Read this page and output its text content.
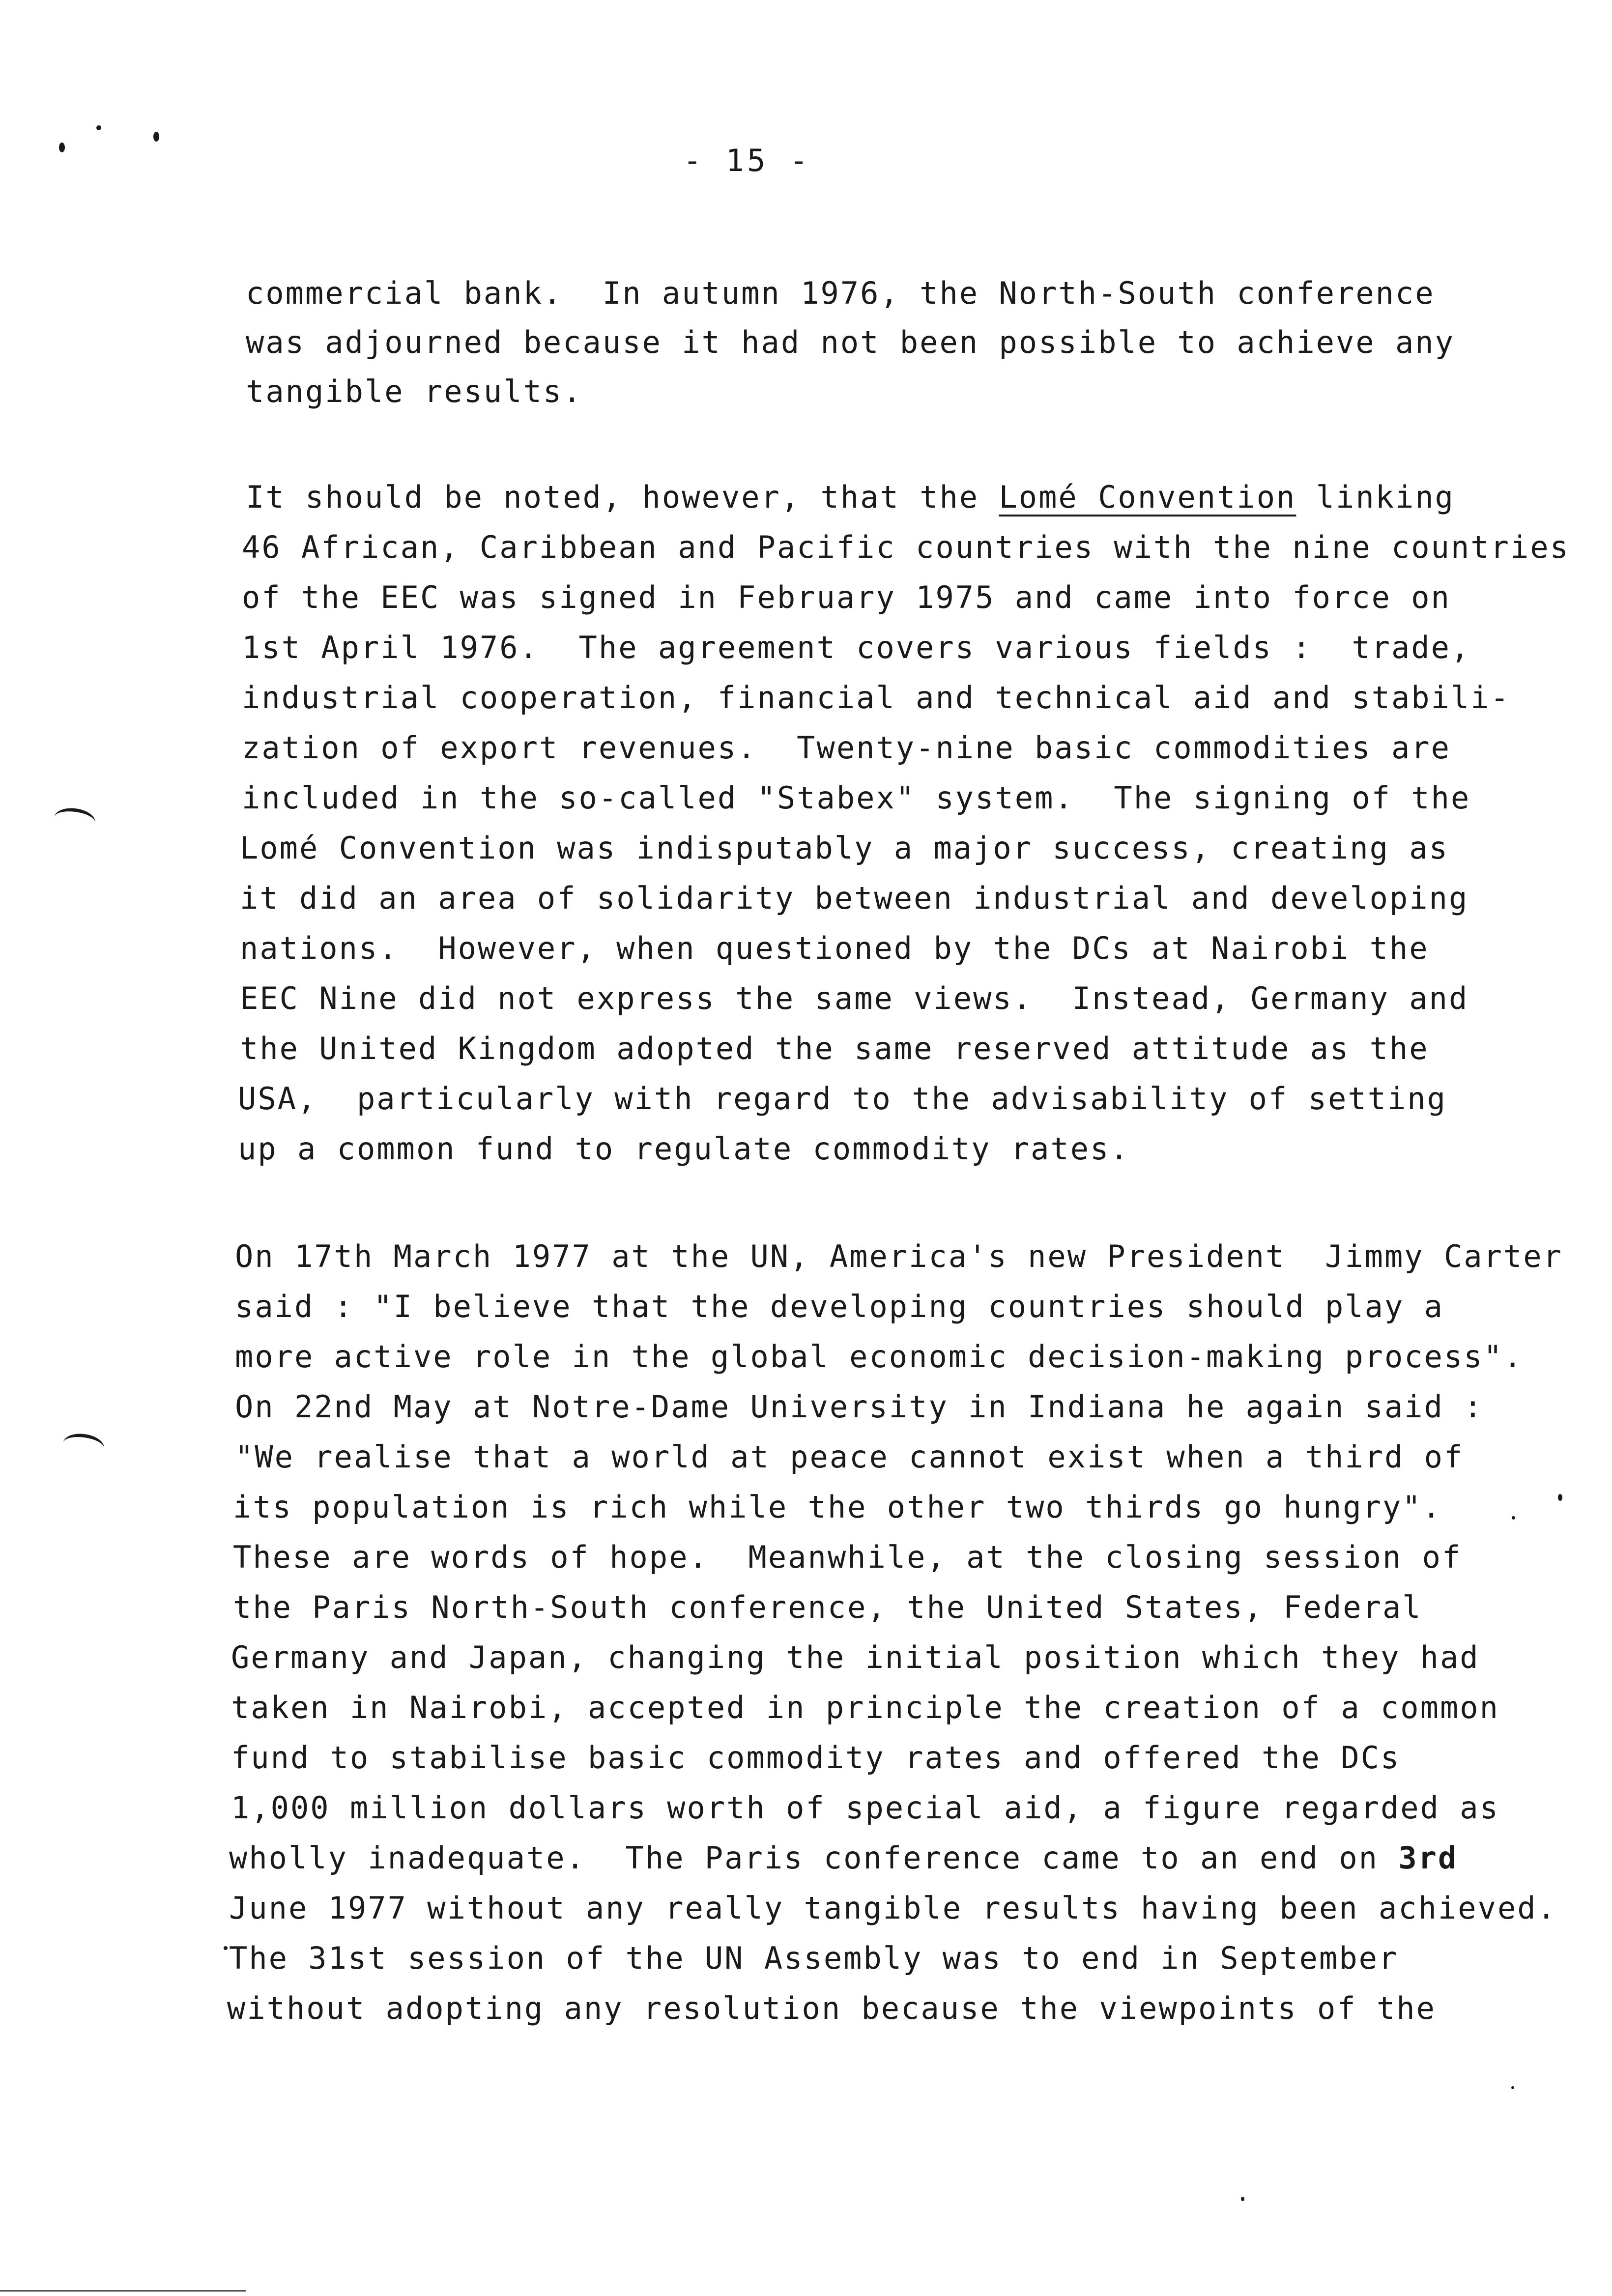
- 15 -
commercial bank.  In autumn 1976, the North-South conference
was adjourned because it had not been possible to achieve any
tangible results.
It should be noted, however, that the Lomé Convention linking
46 African, Caribbean and Pacific countries with the nine countries
of the EEC was signed in February 1975 and came into force on
1st April 1976.  The agreement covers various fields :  trade,
industrial cooperation, financial and technical aid and stabili-
zation of export revenues.  Twenty-nine basic commodities are
included in the so-called "Stabex" system.  The signing of the
Lomé Convention was indisputably a major success, creating as
it did an area of solidarity between industrial and developing
nations.  However, when questioned by the DCs at Nairobi the
EEC Nine did not express the same views.  Instead, Germany and
the United Kingdom adopted the same reserved attitude as the
USA,  particularly with regard to the advisability of setting
up a common fund to regulate commodity rates.
On 17th March 1977 at the UN, America's new President  Jimmy Carter
said : "I believe that the developing countries should play a
more active role in the global economic decision-making process".
On 22nd May at Notre-Dame University in Indiana he again said :
"We realise that a world at peace cannot exist when a third of
its population is rich while the other two thirds go hungry".
These are words of hope.  Meanwhile, at the closing session of
the Paris North-South conference, the United States, Federal
Germany and Japan, changing the initial position which they had
taken in Nairobi, accepted in principle the creation of a common
fund to stabilise basic commodity rates and offered the DCs
1,000 million dollars worth of special aid, a figure regarded as
wholly inadequate.  The Paris conference came to an end on 3rd
June 1977 without any really tangible results having been achieved.
The 31st session of the UN Assembly was to end in September
without adopting any resolution because the viewpoints of the
